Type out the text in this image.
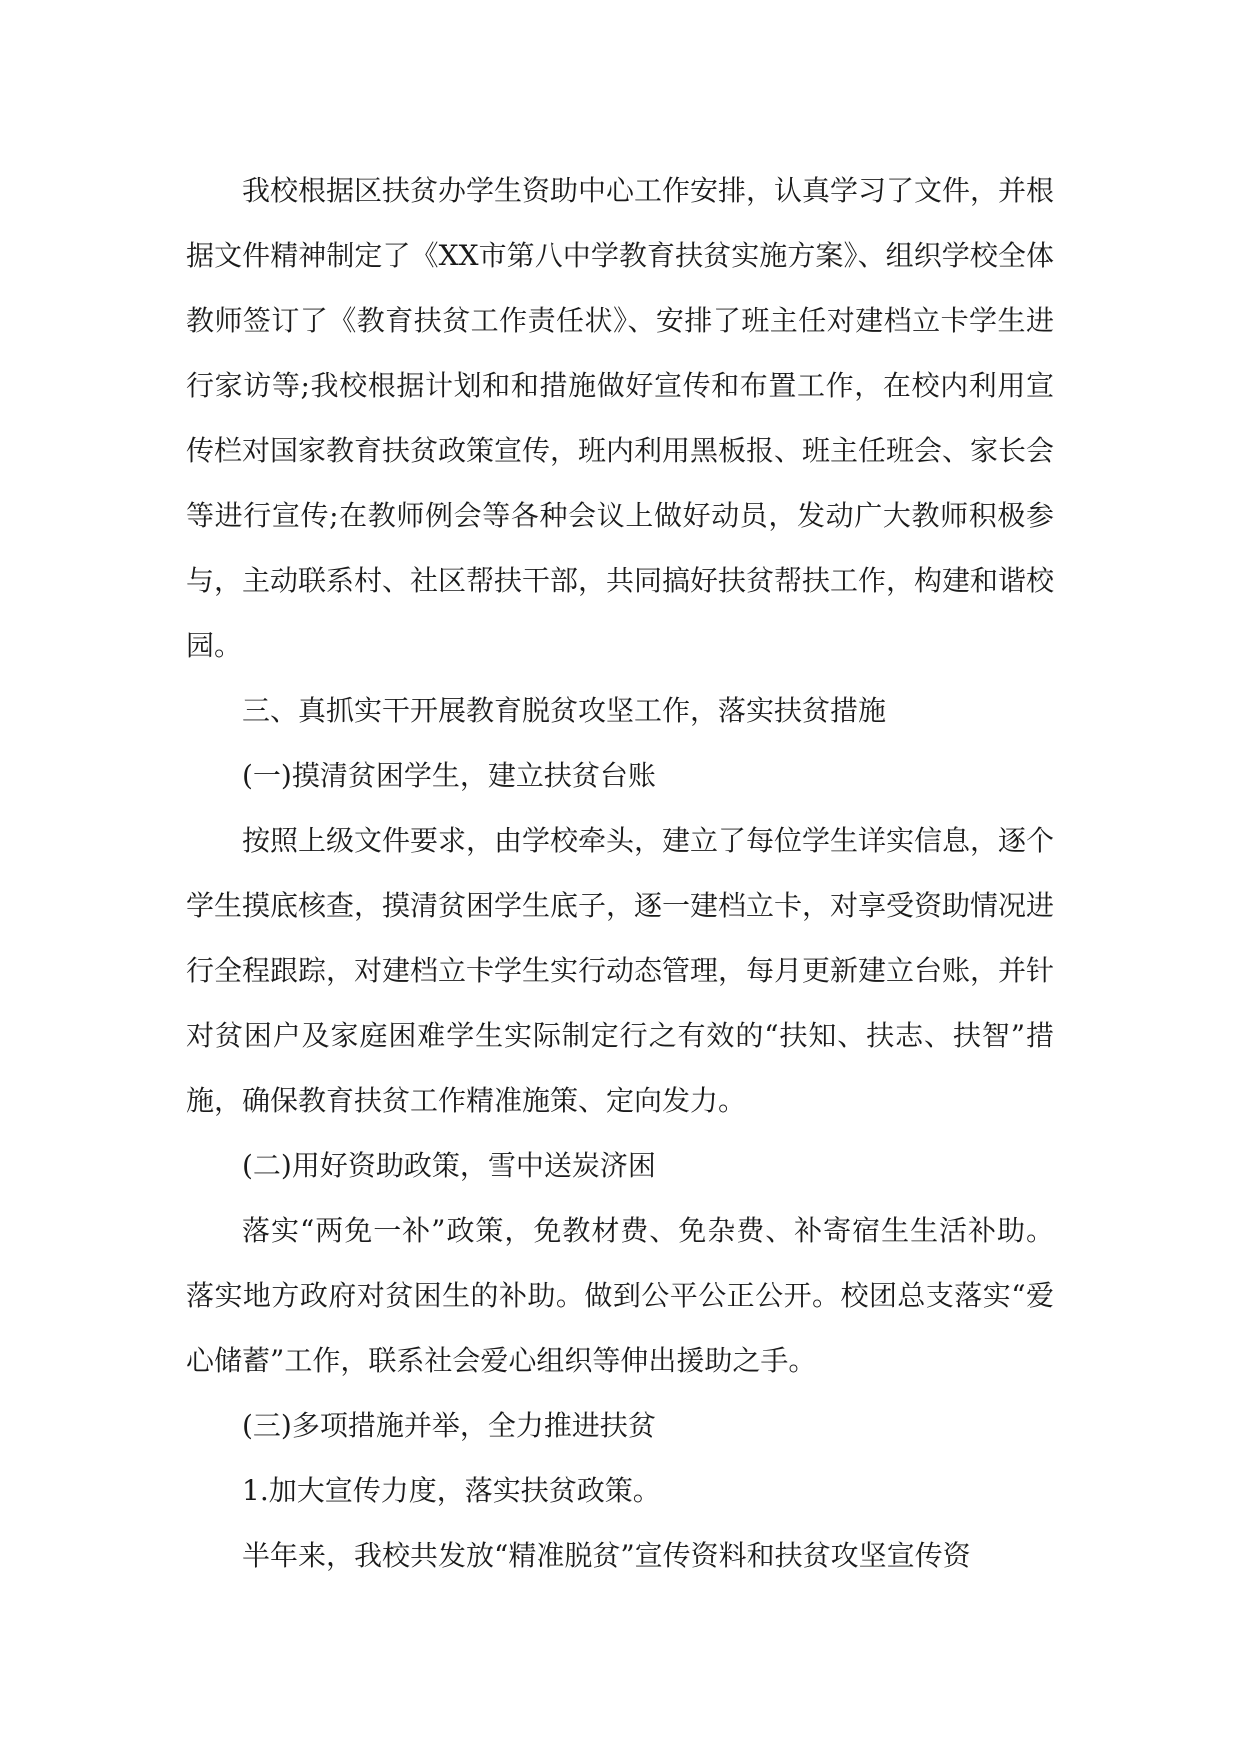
我校根据区扶贫办学生资助中心工作安排，认真学习了文件，并根据文件精神制定了《XX市第八中学教育扶贫实施方案》、组织学校全体教师签订了《教育扶贫工作责任状》、安排了班主任对建档立卡学生进行家访等;我校根据计划和和措施做好宣传和布置工作，在校内利用宣传栏对国家教育扶贫政策宣传，班内利用黑板报、班主任班会、家长会等进行宣传;在教师例会等各种会议上做好动员，发动广大教师积极参与，主动联系村、社区帮扶干部，共同搞好扶贫帮扶工作，构建和谐校园。

三、真抓实干开展教育脱贫攻坚工作，落实扶贫措施

(一)摸清贫困学生，建立扶贫台账

按照上级文件要求，由学校牵头，建立了每位学生详实信息，逐个学生摸底核查，摸清贫困学生底子，逐一建档立卡，对享受资助情况进行全程跟踪，对建档立卡学生实行动态管理，每月更新建立台账，并针对贫困户及家庭困难学生实际制定行之有效的“扶知、扶志、扶智”措施，确保教育扶贫工作精准施策、定向发力。

(二)用好资助政策，雪中送炭济困

落实“两免一补”政策，免教材费、免杂费、补寄宿生生活补助。落实地方政府对贫困生的补助。做到公平公正公开。校团总支落实“爱心储蓄”工作，联系社会爱心组织等伸出援助之手。

(三)多项措施并举，全力推进扶贫

1.加大宣传力度，落实扶贫政策。

半年来，我校共发放“精准脱贫”宣传资料和扶贫攻坚宣传资
